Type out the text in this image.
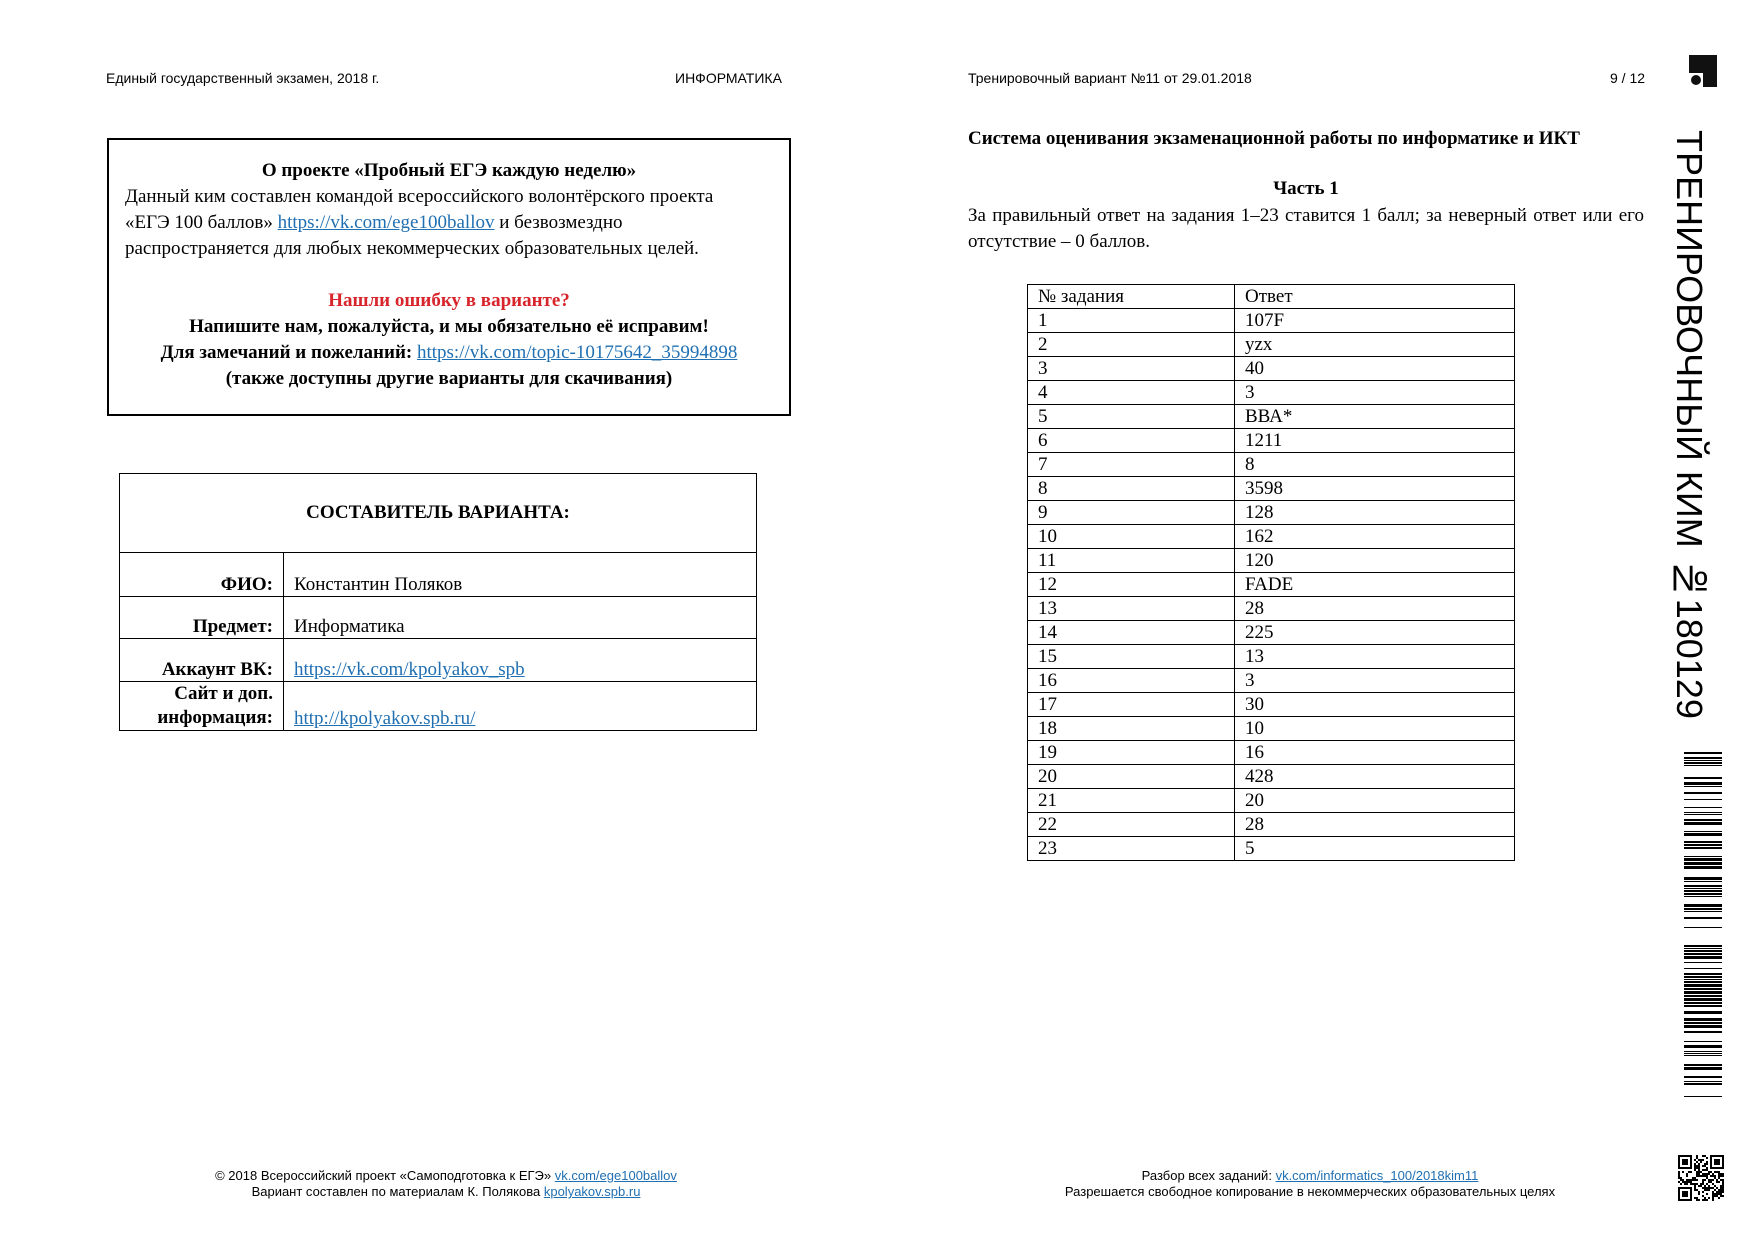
Единый государственный экзамен, 2018 г.	ИНФОРМАТИКА	Тренировочный вариант №11 от 29.01.2018	9 / 12
О проекте «Пробный ЕГЭ каждую неделю»
Данный ким составлен командой всероссийского волонтёрского проекта
«ЕГЭ 100 баллов» https://vk.com/ege100ballov и безвозмездно
распространяется для любых некоммерческих образовательных целей.
Нашли ошибку в варианте?
Напишите нам, пожалуйста, и мы обязательно её исправим!
Для замечаний и пожеланий: https://vk.com/topic-10175642_35994898
(также доступны другие варианты для скачивания)
СОСТАВИТЕЛЬ ВАРИАНТА:	
ФИО:	Константин Поляков
Предмет:	Информатика
Аккаунт ВК:	https://vk.com/kpolyakov_spb
Сайт и доп.
информация:	http://kpolyakov.spb.ru/
Система оценивания экзаменационной работы по информатике и ИКТ
Часть 1
За правильный ответ на задания 1–23 ставится 1 балл; за неверный ответ или его отсутствие – 0 баллов.
№ задания	Ответ
1	107F
2	yzx
3	40
4	3
5	ВВА*
6	1211
7	8
8	3598
9	128
10	162
11	120
12	FADE
13	28
14	225
15	13
16	3
17	30
18	10
19	16
20	428
21	20
22	28
23	5
ТРЕНИРОВОЧНЫЙ КИМ №180129
© 2018 Всероссийский проект «Самоподготовка к ЕГЭ» vk.com/ege100ballov
Вариант составлен по материалам К. Полякова kpolyakov.spb.ru
Разбор всех заданий: vk.com/informatics_100/2018kim11
Разрешается свободное копирование в некоммерческих образовательных целях
